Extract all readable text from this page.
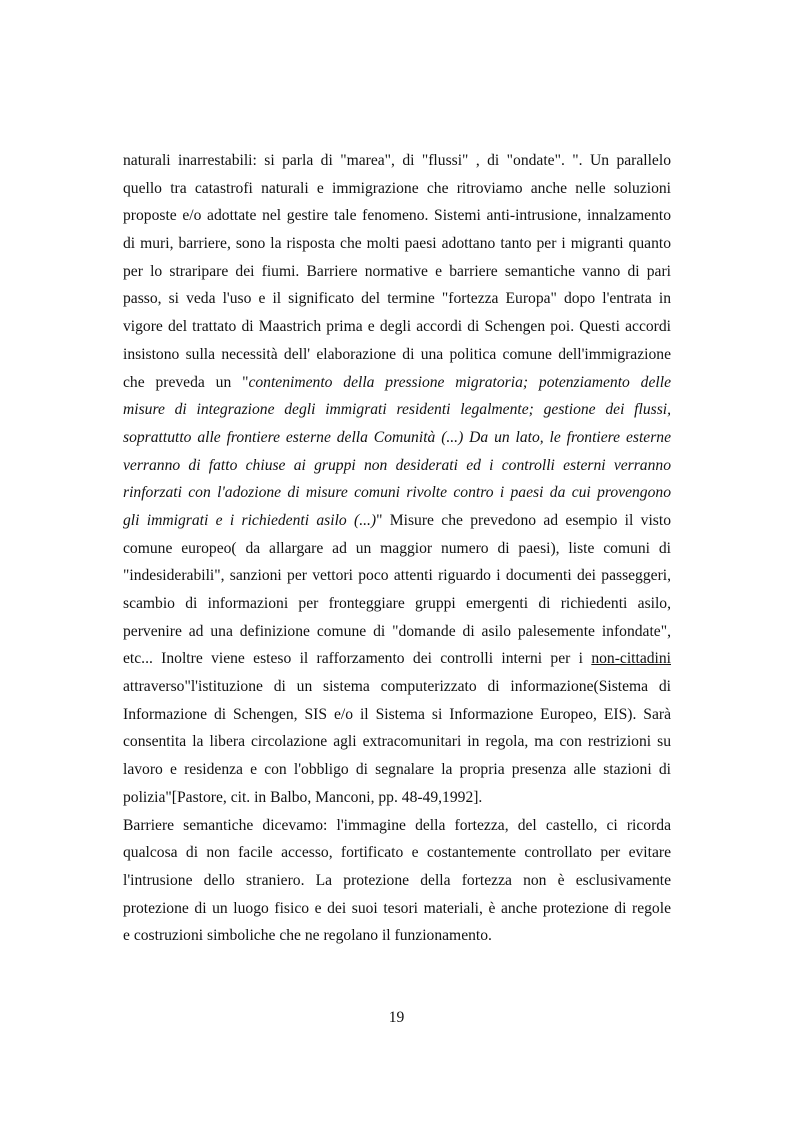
naturali inarrestabili: si parla di "marea", di "flussi" , di "ondate". ". Un parallelo
quello tra catastrofi naturali e immigrazione che ritroviamo anche nelle soluzioni
proposte e/o adottate nel gestire tale fenomeno. Sistemi anti-intrusione, innalzamento
di muri, barriere, sono la risposta che molti paesi adottano tanto per i migranti quanto
per lo straripare dei fiumi. Barriere normative e barriere semantiche vanno di pari
passo, si veda l'uso e il significato del termine "fortezza Europa" dopo l'entrata in
vigore del trattato di Maastrich prima e degli accordi di Schengen poi. Questi accordi
insistono sulla necessità dell' elaborazione di una politica comune dell'immigrazione
che preveda un "contenimento della pressione migratoria; potenziamento delle
misure di integrazione degli immigrati residenti legalmente; gestione dei flussi,
soprattutto alle frontiere esterne della Comunità (...) Da un lato, le frontiere esterne
verranno di fatto chiuse ai gruppi non desiderati ed i controlli esterni verranno
rinforzati con l'adozione di misure comuni rivolte contro i paesi da cui provengono
gli immigrati e i richiedenti asilo (...)" Misure che prevedono ad esempio il visto
comune europeo( da allargare ad un maggior numero di paesi), liste comuni di
"indesiderabili", sanzioni per vettori poco attenti riguardo i documenti dei passeggeri,
scambio di informazioni per fronteggiare gruppi emergenti di richiedenti asilo,
pervenire ad una definizione comune di "domande di asilo palesemente infondate",
etc... Inoltre viene esteso il rafforzamento dei controlli interni per i non-cittadini
attraverso"l'istituzione di un sistema computerizzato di informazione(Sistema di
Informazione di Schengen, SIS e/o il Sistema si Informazione Europeo, EIS). Sarà
consentita la libera circolazione agli extracomunitari in regola, ma con restrizioni su
lavoro e residenza e con l'obbligo di segnalare la propria presenza alle stazioni di
polizia"[Pastore, cit. in Balbo, Manconi, pp. 48-49,1992].
Barriere semantiche dicevamo: l'immagine della fortezza, del castello, ci ricorda
qualcosa di non facile accesso, fortificato e costantemente controllato per evitare
l'intrusione dello straniero. La protezione della fortezza non è esclusivamente
protezione di un luogo fisico e dei suoi tesori materiali, è anche protezione di regole
e costruzioni simboliche che ne regolano il funzionamento.
19
